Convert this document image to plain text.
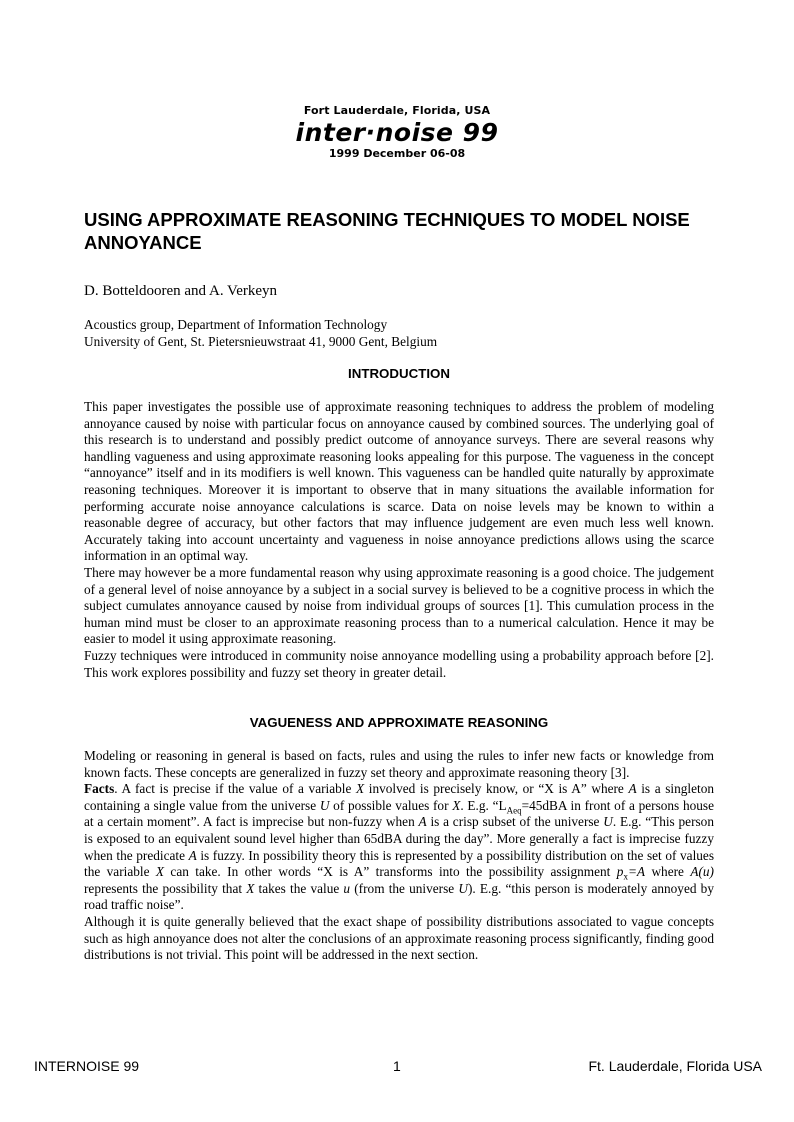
Fort Lauderdale, Florida, USA
inter·noise 99
1999 December 06-08
USING APPROXIMATE REASONING TECHNIQUES TO MODEL NOISE ANNOYANCE

D. Botteldooren and A. Verkeyn

Acoustics group, Department of Information Technology
University of Gent, St. Pietersnieuwstraat 41, 9000 Gent, Belgium
INTRODUCTION

This paper investigates the possible use of approximate reasoning techniques to address the problem of modeling annoyance caused by noise with particular focus on annoyance caused by combined sources. The underlying goal of this research is to understand and possibly predict outcome of annoyance surveys. There are several reasons why handling vagueness and using approximate reasoning looks appealing for this purpose. The vagueness in the concept “annoyance” itself and in its modifiers is well known. This vagueness can be handled quite naturally by approximate reasoning techniques. Moreover it is important to observe that in many situations the available information for performing accurate noise annoyance calculations is scarce. Data on noise levels may be known to within a reasonable degree of accuracy, but other factors that may influence judgement are even much less well known. Accurately taking into account uncertainty and vagueness in noise annoyance predictions allows using the scarce information in an optimal way.

There may however be a more fundamental reason why using approximate reasoning is a good choice. The judgement of a general level of noise annoyance by a subject in a social survey is believed to be a cognitive process in which the subject cumulates annoyance caused by noise from individual groups of sources [1]. This cumulation process in the human mind must be closer to an approximate reasoning process than to a numerical calculation. Hence it may be easier to model it using approximate reasoning.

Fuzzy techniques were introduced in community noise annoyance modelling using a probability approach before [2]. This work explores possibility and fuzzy set theory in greater detail.

VAGUENESS AND APPROXIMATE REASONING

Modeling or reasoning in general is based on facts, rules and using the rules to infer new facts or knowledge from known facts. These concepts are generalized in fuzzy set theory and approximate reasoning theory [3].

Facts. A fact is precise if the value of a variable X involved is precisely know, or “X is A” where A is a singleton containing a single value from the universe U of possible values for X. E.g. “$L_{Aeq}=45dBA$ in front of a persons house at a certain moment”. A fact is imprecise but non-fuzzy when A is a crisp subset of the universe U. E.g. “This person is exposed to an equivalent sound level higher than 65dBA during the day”. More generally a fact is imprecise fuzzy when the predicate A is fuzzy. In possibility theory this is represented by a possibility distribution on the set of values the variable X can take. In other words “X is A” transforms into the possibility assignment $p_x=A$ where A(u) represents the possibility that X takes the value u (from the universe U). E.g. “this person is moderately annoyed by road traffic noise”.

Although it is quite generally believed that the exact shape of possibility distributions associated to vague concepts such as high annoyance does not alter the conclusions of an approximate reasoning process significantly, finding good distributions is not trivial. This point will be addressed in the next section.

INTERNOISE 99	1	Ft. Lauderdale, Florida USA
